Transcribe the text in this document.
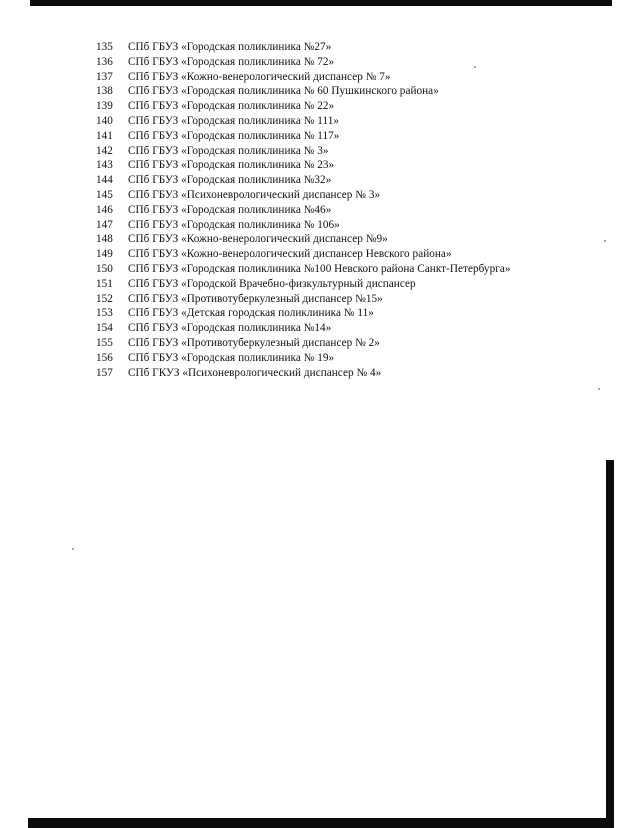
135	СПб ГБУЗ «Городская поликлиника №27»
136	СПб ГБУЗ «Городская поликлиника № 72»
137	СПб ГБУЗ «Кожно-венерологический диспансер № 7»
138	СПб ГБУЗ «Городская поликлиника № 60 Пушкинского района»
139	СПб ГБУЗ «Городская поликлиника № 22»
140	СПб ГБУЗ «Городская поликлиника № 111»
141	СПб ГБУЗ «Городская поликлиника № 117»
142	СПб ГБУЗ «Городская поликлиника № 3»
143	СПб ГБУЗ «Городская поликлиника № 23»
144	СПб ГБУЗ «Городская поликлиника №32»
145	СПб ГБУЗ «Психоневрологический диспансер № 3»
146	СПб ГБУЗ «Городская поликлиника №46»
147	СПб ГБУЗ «Городская поликлиника № 106»
148	СПб ГБУЗ «Кожно-венерологический диспансер №9»
149	СПб ГБУЗ «Кожно-венерологический диспансер Невского района»
150	СПб ГБУЗ «Городская поликлиника №100 Невского района Санкт-Петербурга»
151	СПб ГБУЗ «Городской Врачебно-физкультурный диспансер
152	СПб ГБУЗ «Противотуберкулезный диспансер №15»
153	СПб ГБУЗ «Детская городская поликлиника № 11»
154	СПб ГБУЗ «Городская поликлиника №14»
155	СПб ГБУЗ «Противотуберкулезный диспансер № 2»
156	СПб ГБУЗ «Городская поликлиника № 19»
157	СПб ГКУЗ «Психоневрологический диспансер № 4»
